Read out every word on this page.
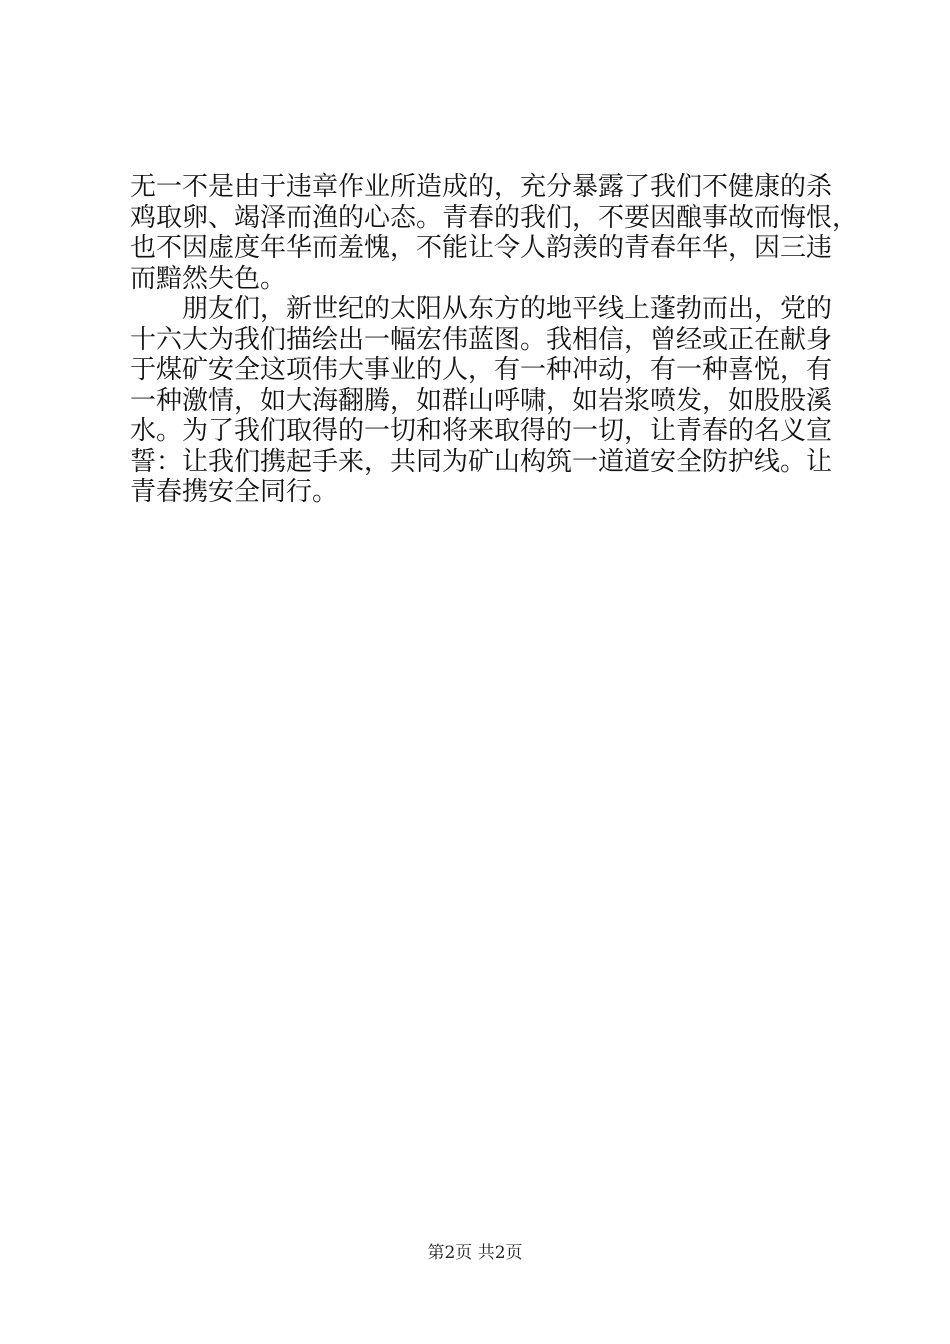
无一不是由于违章作业所造成的，充分暴露了我们不健康的杀
鸡取卵、竭泽而渔的心态。青春的我们，不要因酿事故而悔恨，
也不因虚度年华而羞愧，不能让令人韵羡的青春年华，因三违
而黯然失色。
朋友们，新世纪的太阳从东方的地平线上蓬勃而出，党的
十六大为我们描绘出一幅宏伟蓝图。我相信，曾经或正在献身
于煤矿安全这项伟大事业的人，有一种冲动，有一种喜悦，有
一种激情，如大海翻腾，如群山呼啸，如岩浆喷发，如股股溪
水。为了我们取得的一切和将来取得的一切，让青春的名义宣
誓：让我们携起手来，共同为矿山构筑一道道安全防护线。让
青春携安全同行。
第2页 共2页
